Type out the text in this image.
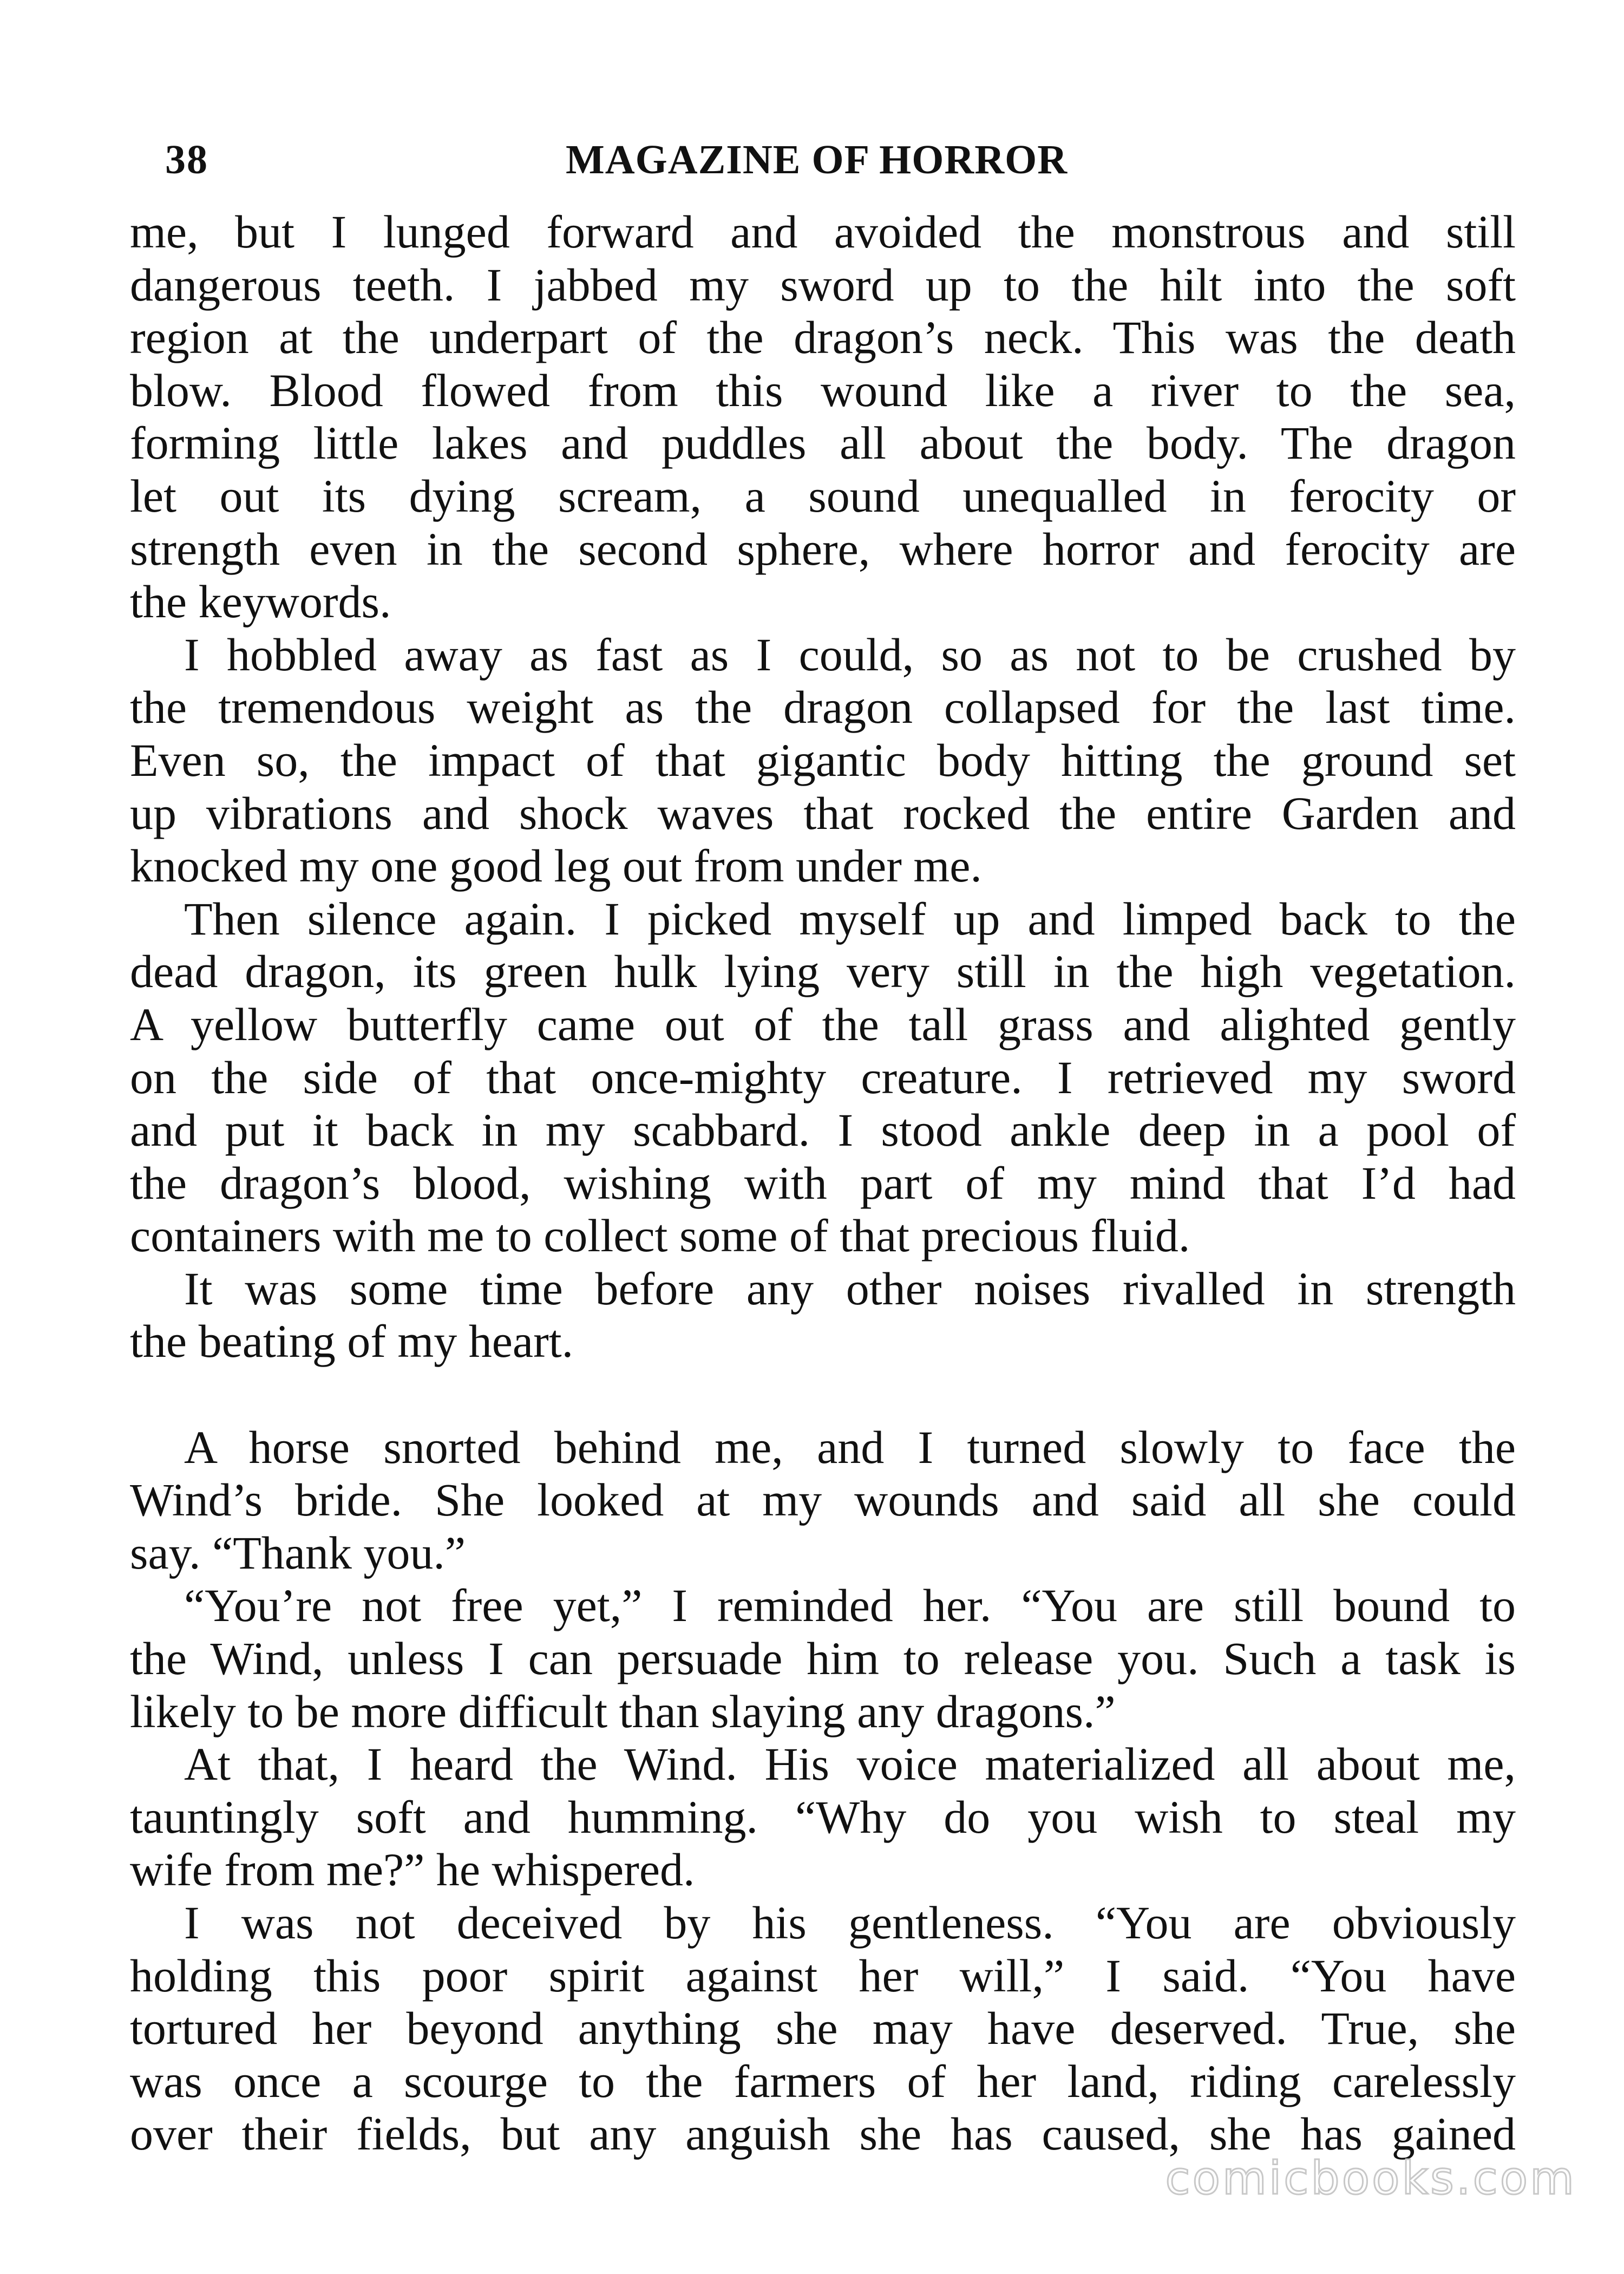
38	MAGAZINE OF HORROR
me, but I lunged forward and avoided the monstrous and still
dangerous teeth. I jabbed my sword up to the hilt into the soft
region at the underpart of the dragon’s neck. This was the death
blow. Blood flowed from this wound like a river to the sea,
forming little lakes and puddles all about the body. The dragon
let out its dying scream, a sound unequalled in ferocity or
strength even in the second sphere, where horror and ferocity are
the keywords.
I hobbled away as fast as I could, so as not to be crushed by
the tremendous weight as the dragon collapsed for the last time.
Even so, the impact of that gigantic body hitting the ground set
up vibrations and shock waves that rocked the entire Garden and
knocked my one good leg out from under me.
Then silence again. I picked myself up and limped back to the
dead dragon, its green hulk lying very still in the high vegetation.
A yellow butterfly came out of the tall grass and alighted gently
on the side of that once-mighty creature. I retrieved my sword
and put it back in my scabbard. I stood ankle deep in a pool of
the dragon’s blood, wishing with part of my mind that I’d had
containers with me to collect some of that precious fluid.
It was some time before any other noises rivalled in strength
the beating of my heart.
A horse snorted behind me, and I turned slowly to face the
Wind’s bride. She looked at my wounds and said all she could
say. “Thank you.”
“You’re not free yet,” I reminded her. “You are still bound to
the Wind, unless I can persuade him to release you. Such a task is
likely to be more difficult than slaying any dragons.”
At that, I heard the Wind. His voice materialized all about me,
tauntingly soft and humming. “Why do you wish to steal my
wife from me?” he whispered.
I was not deceived by his gentleness. “You are obviously
holding this poor spirit against her will,” I said. “You have
tortured her beyond anything she may have deserved. True, she
was once a scourge to the farmers of her land, riding carelessly
over their fields, but any anguish she has caused, she has gained
comicbooks.com
